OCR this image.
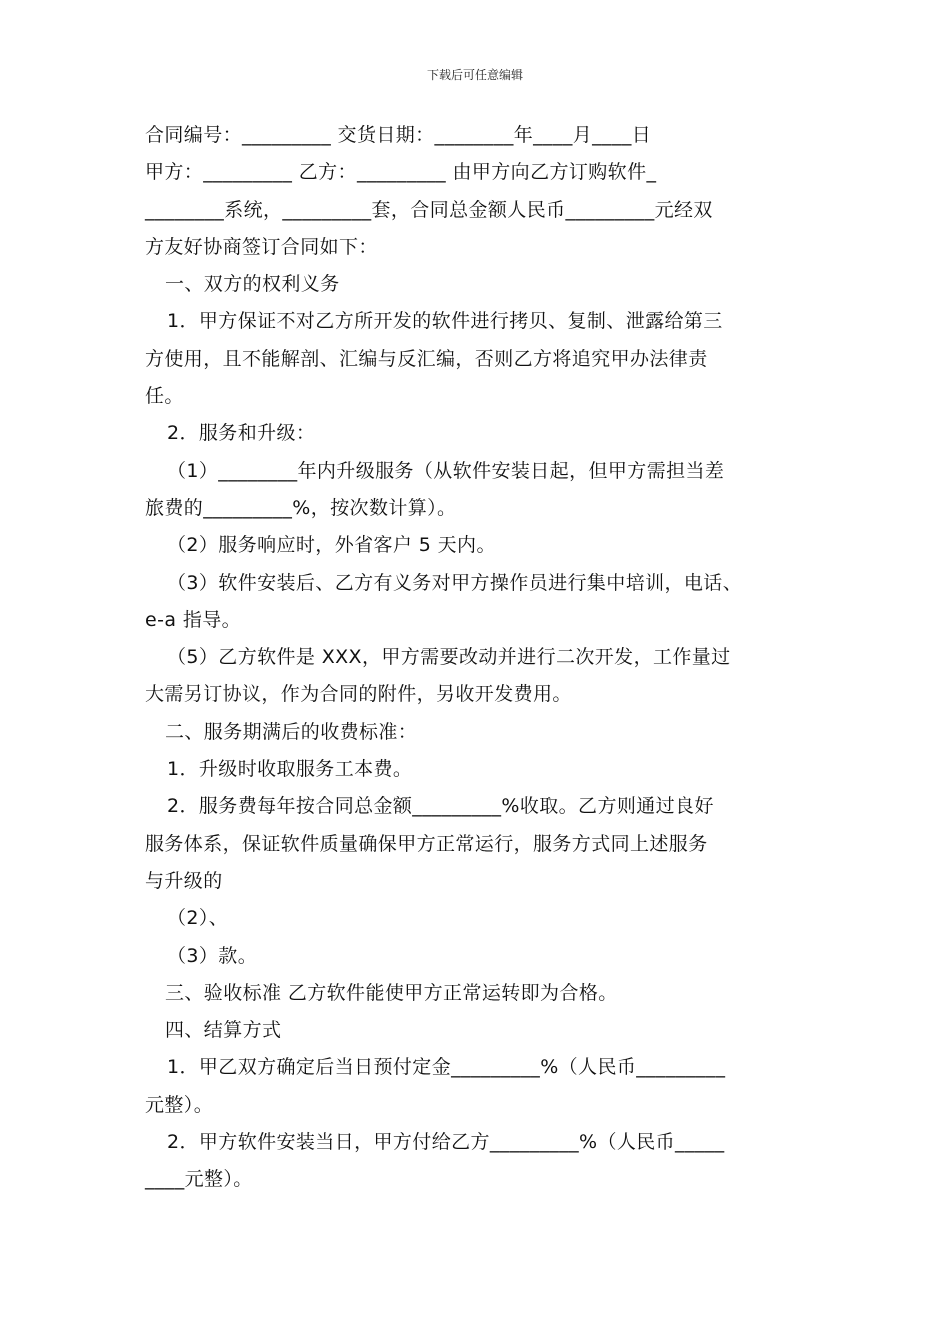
下载后可任意编辑
合同编号：_________ 交货日期：________年____月____日
甲方：_________ 乙方：_________ 由甲方向乙方订购软件_
________系统，_________套，合同总金额人民币_________元经双
方友好协商签订合同如下：
一、双方的权利义务
1．甲方保证不对乙方所开发的软件进行拷贝、复制、泄露给第三
方使用，且不能解剖、汇编与反汇编，否则乙方将追究甲办法律责
任。
2．服务和升级：
（1）________年内升级服务（从软件安装日起，但甲方需担当差
旅费的_________%，按次数计算）。
（2）服务响应时，外省客户 5 天内。
（3）软件安装后、乙方有义务对甲方操作员进行集中培训，电话、
e-a 指导。
（5）乙方软件是 XXX，甲方需要改动并进行二次开发，工作量过
大需另订协议，作为合同的附件，另收开发费用。
二、服务期满后的收费标准：
1．升级时收取服务工本费。
2．服务费每年按合同总金额_________%收取。乙方则通过良好
服务体系，保证软件质量确保甲方正常运行，服务方式同上述服务
与升级的
（2）、
（3）款。
三、验收标准 乙方软件能使甲方正常运转即为合格。
四、结算方式
1．甲乙双方确定后当日预付定金_________%（人民币_________
元整）。
2．甲方软件安装当日，甲方付给乙方_________%（人民币_____
____元整）。
